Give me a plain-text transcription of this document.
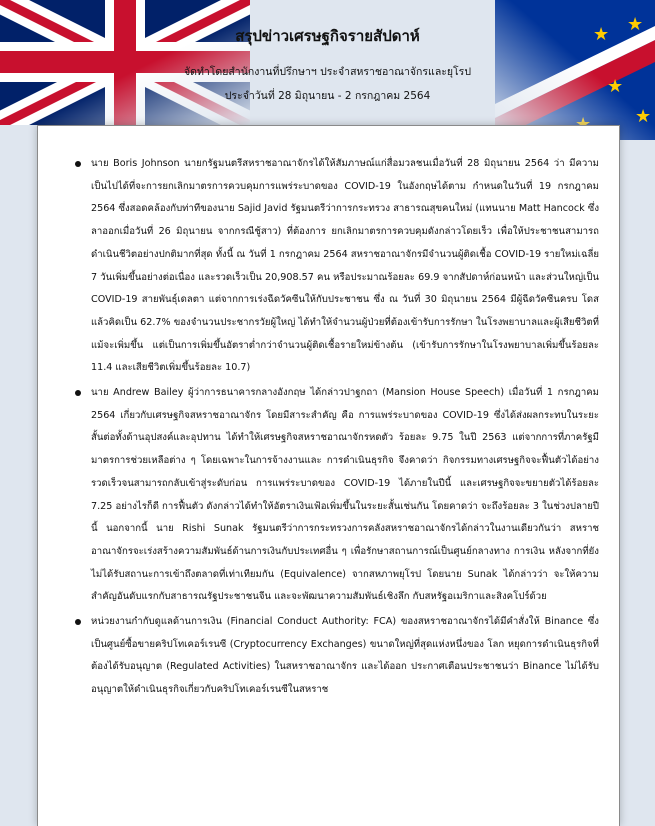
สรุปข่าวเศรษฐกิจรายสัปดาห์
จัดทำโดยสำนักงานที่ปรึกษาฯ ประจำสหราชอาณาจักรและยุโรป
ประจำวันที่ 28 มิถุนายน - 2 กรกฎาคม 2564
นาย Boris Johnson นายกรัฐมนตรีสหราชอาณาจักรได้ให้สัมภาษณ์แก่สื่อมวลชนเมื่อวันที่ 28 มิถุนายน 2564 ว่า มีความเป็นไปได้ที่จะการยกเลิกมาตรการควบคุมการแพร่ระบาดของ COVID-19 ในอังกฤษได้ตาม กำหนดในวันที่ 19 กรกฎาคม 2564 ซึ่งสอดคล้องกับท่าทีของนาย Sajid Javid รัฐมนตรีว่าการกระทรวง สาธารณสุขคนใหม่ (แทนนาย Matt Hancock ซึ่งลาออกเมื่อวันที่ 26 มิถุนายน จากกรณีชู้สาว) ที่ต้องการ ยกเลิกมาตรการควบคุมดังกล่าวโดยเร็ว เพื่อให้ประชาชนสามารถดำเนินชีวิตอย่างปกติมากที่สุด ทั้งนี้ ณ วันที่ 1 กรกฎาคม 2564 สหราชอาณาจักรมีจำนวนผู้ติดเชื้อ COVID-19 รายใหม่เฉลี่ย 7 วันเพิ่มขึ้นอย่างต่อเนื่อง และรวดเร็วเป็น 20,908.57 คน หรือประมาณร้อยละ 69.9 จากสัปดาห์ก่อนหน้า และส่วนใหญ่เป็น COVID-19 สายพันธุ์เดลตา แต่จากการเร่งฉีดวัคซีนให้กับประชาชน ซึ่ง ณ วันที่ 30 มิถุนายน 2564 มีผู้ฉีดวัคซีนครบ โดสแล้วคิดเป็น 62.7% ของจำนวนประชากรวัยผู้ใหญ่ ได้ทำให้จำนวนผู้ป่วยที่ต้องเข้ารับการรักษา ในโรงพยาบาลและผู้เสียชีวิตที่แม้จะเพิ่มขึ้น แต่เป็นการเพิ่มขึ้นอัตราต่ำกว่าจำนวนผู้ติดเชื้อรายใหม่ข้างต้น (เข้ารับการรักษาในโรงพยาบาลเพิ่มขึ้นร้อยละ 11.4 และเสียชีวิตเพิ่มขึ้นร้อยละ 10.7)
นาย Andrew Bailey ผู้ว่าการธนาคารกลางอังกฤษ ได้กล่าวปาฐกถา (Mansion House Speech) เมื่อวันที่ 1 กรกฎาคม 2564 เกี่ยวกับเศรษฐกิจสหราชอาณาจักร โดยมีสาระสำคัญ คือ การแพร่ระบาดของ COVID-19 ซึ่งได้ส่งผลกระทบในระยะสั้นต่อทั้งด้านอุปสงค์และอุปทาน ได้ทำให้เศรษฐกิจสหราชอาณาจักรหดตัว ร้อยละ 9.75 ในปี 2563 แต่จากการที่ภาครัฐมีมาตรการช่วยเหลือต่าง ๆ โดยเฉพาะในการจ้างงานและ การดำเนินธุรกิจ จึงคาดว่า กิจกรรมทางเศรษฐกิจจะฟื้นตัวได้อย่างรวดเร็วจนสามารถกลับเข้าสู่ระดับก่อน การแพร่ระบาดของ COVID-19 ได้ภายในปีนี้ และเศรษฐกิจจะขยายตัวได้ร้อยละ 7.25 อย่างไรก็ดี การฟื้นตัว ดังกล่าวได้ทำให้อัตราเงินเฟ้อเพิ่มขึ้นในระยะสั้นเช่นกัน โดยคาดว่า จะถึงร้อยละ 3 ในช่วงปลายปีนี้ นอกจากนี้ นาย Rishi Sunak รัฐมนตรีว่าการกระทรวงการคลังสหราชอาณาจักรได้กล่าวในงานเดียวกันว่า สหราช อาณาจักรจะเร่งสร้างความสัมพันธ์ด้านการเงินกับประเทศอื่น ๆ เพื่อรักษาสถานการณ์เป็นศูนย์กลางทาง การเงิน หลังจากที่ยังไม่ได้รับสถานะการเข้าถึงตลาดที่เท่าเทียมกัน (Equivalence) จากสหภาพยุโรป โดยนาย Sunak ได้กล่าวว่า จะให้ความสำคัญอันดับแรกกับสาธารณรัฐประชาชนจีน และจะพัฒนาความสัมพันธ์เชิงลึก กับสหรัฐอเมริกาและสิงคโปร์ด้วย
หน่วยงานกำกับดูแลด้านการเงิน (Financial Conduct Authority: FCA) ของสหราชอาณาจักรได้มีคำสั่งให้ Binance ซึ่งเป็นศูนย์ซื้อขายคริปโทเคอร์เรนซี (Cryptocurrency Exchanges) ขนาดใหญ่ที่สุดแห่งหนึ่งของ โลก หยุดการดำเนินธุรกิจที่ต้องได้รับอนุญาต (Regulated Activities) ในสหราชอาณาจักร และได้ออก ประกาศเตือนประชาชนว่า Binance ไม่ได้รับอนุญาตให้ดำเนินธุรกิจเกี่ยวกับคริปโทเคอร์เรนซีในสหราช
